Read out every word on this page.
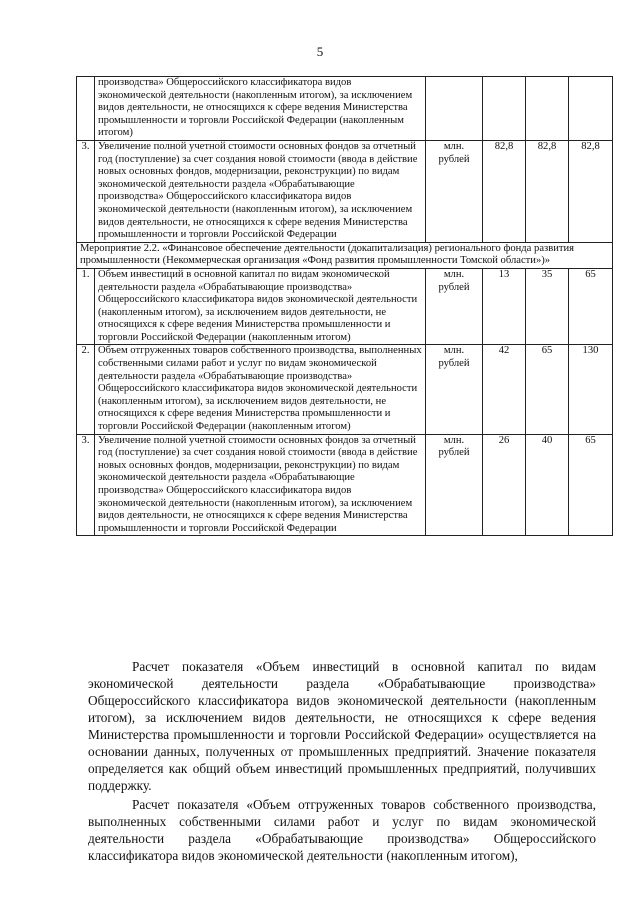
5
	производства» Общероссийского классификатора видов экономической деятельности (накопленным итогом), за исключением видов деятельности, не относящихся к сфере ведения Министерства промышленности и торговли Российской Федерации (накопленным итогом)				
3.	Увеличение полной учетной стоимости основных фондов за отчетный год (поступление) за счет создания новой стоимости (ввода в действие новых основных фондов, модернизации, реконструкции) по видам экономической деятельности раздела «Обрабатывающие производства» Общероссийского классификатора видов экономической деятельности (накопленным итогом), за исключением видов деятельности, не относящихся к сфере ведения Министерства промышленности и торговли Российской Федерации	млн. рублей	82,8	82,8	82,8
Мероприятие 2.2. «Финансовое обеспечение деятельности (докапитализация) регионального фонда развития промышленности (Некоммерческая организация «Фонд развития промышленности Томской области»)»					
1.	Объем инвестиций в основной капитал по видам экономической деятельности раздела «Обрабатывающие производства» Общероссийского классификатора видов экономической деятельности (накопленным итогом), за исключением видов деятельности, не относящихся к сфере ведения Министерства промышленности и торговли Российской Федерации (накопленным итогом)	млн. рублей	13	35	65
2.	Объем отгруженных товаров собственного производства, выполненных собственными силами работ и услуг по видам экономической деятельности раздела «Обрабатывающие производства» Общероссийского классификатора видов экономической деятельности (накопленным итогом), за исключением видов деятельности, не относящихся к сфере ведения Министерства промышленности и торговли Российской Федерации (накопленным итогом)	млн. рублей	42	65	130
3.	Увеличение полной учетной стоимости основных фондов за отчетный год (поступление) за счет создания новой стоимости (ввода в действие новых основных фондов, модернизации, реконструкции) по видам экономической деятельности раздела «Обрабатывающие производства» Общероссийского классификатора видов экономической деятельности (накопленным итогом), за исключением видов деятельности, не относящихся к сфере ведения Министерства промышленности и торговли Российской Федерации	млн. рублей	26	40	65

Расчет показателя «Объем инвестиций в основной капитал по видам экономической деятельности раздела «Обрабатывающие производства» Общероссийского классификатора видов экономической деятельности (накопленным итогом), за исключением видов деятельности, не относящихся к сфере ведения Министерства промышленности и торговли Российской Федерации» осуществляется на основании данных, полученных от промышленных предприятий. Значение показателя определяется как общий объем инвестиций промышленных предприятий, получивших поддержку.

Расчет показателя «Объем отгруженных товаров собственного производства, выполненных собственными силами работ и услуг по видам экономической деятельности раздела «Обрабатывающие производства» Общероссийского классификатора видов экономической деятельности (накопленным итогом),
